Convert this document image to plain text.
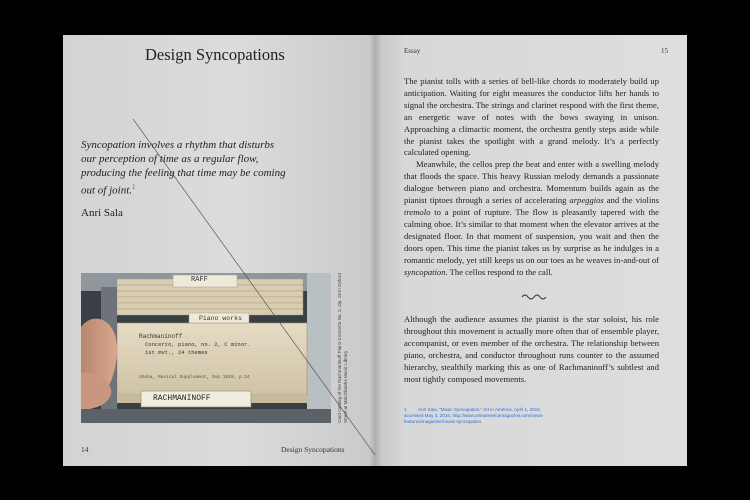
Design Syncopations
Syncopation involves a rhythm that disturbs our perception of time as a regular flow, producing the feeling that time may be coming out of joint.$^1$
Anri Sala
RAFF
Piano works
Rachmaninoff
Concerto, piano, no. 2, C minor.
1st mvt., 24 themes
Sheba, Musical Supplement, Sep 1920, p.24
RACHMANINOFF	Card catalog of the Rachmaninoff Piano Concerto No. 2, Op. 18 in Oxford Street at Marchbanks Music Library
14	Design Syncopations
Essay	15

The pianist tolls with a series of bell-like chords to moderately build up anticipation. Waiting for eight measures the conductor lifts her hands to signal the orchestra. The strings and clarinet respond with the first theme, an energetic wave of notes with the bows swaying in unison. Approaching a climactic moment, the orchestra gently steps aside while the pianist takes the spotlight with a grand melody. It’s a perfectly calculated opening.

Meanwhile, the cellos prep the beat and enter with a swelling melody that floods the space. This heavy Russian melody demands a passionate dialogue between piano and orchestra. Momentum builds again as the pianist tiptoes through a series of accelerating arpeggios and the violins tremolo to a point of rupture. The flow is pleasantly tapered with the calming oboe. It’s similar to that moment when the elevator arrives at the designated floor. In that moment of suspension, you wait and then the doors open. This time the pianist takes us by surprise as he indulges in a romantic melody, yet still keeps us on our toes as he weaves in-and-out of syncopation. The cellos respond to the call.

Although the audience assumes the pianist is the star soloist, his role throughout this movement is actually more often that of ensemble player, accompanist, or even member of the orchestra. The relationship between piano, orchestra, and conductor throughout runs counter to the assumed hierarchy, stealthily marking this as one of Rachmaninoff’s subtlest and most tightly composed movements.

1 Anri Sala, “Music Syncopation,” Art in America, April 1, 2016, accessed May 3, 2016, http://www.artinamericamagazine.com/news-features/magazine/music-syncopation.
